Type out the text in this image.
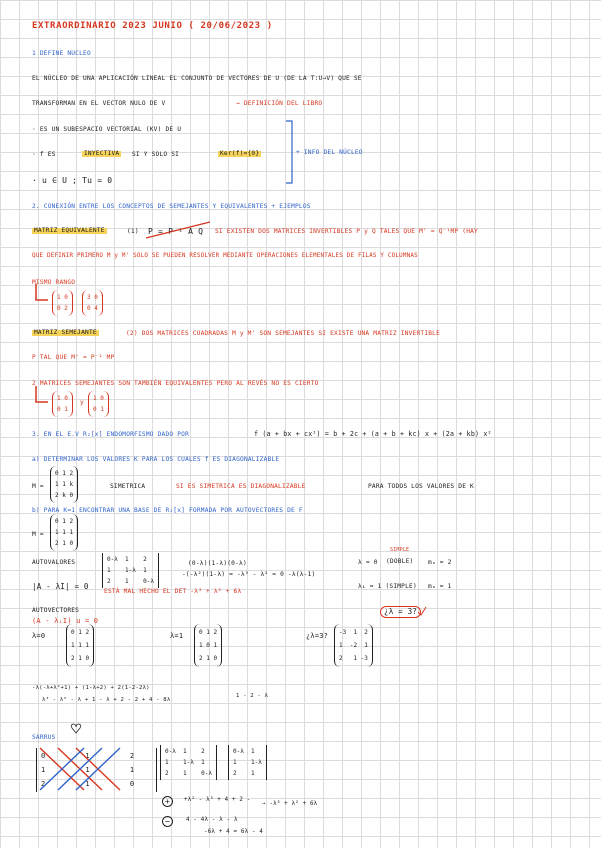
EXTRAORDINARIO 2023 JUNIO ( 20/06/2023 )
1 DEFINE NUCLEO
EL NÚCLEO DE UNA APLICACIÓN LINEAL EL CONJUNTO DE VECTORES DE U (DE LA T:U→V) QUE SE
TRANSFORMAN EN EL VECTOR NULO DE V	→ DEFINICIÓN DEL LIBRO
· ES UN SUBESPACIO VECTORIAL (KV) DE U
· f ES	INYECTIVA	SI Y SOLO SI	Ker(f)={0}
· u ∈ U ; Tu = 0
+ INFO DEL NÚCLEO
2. CONEXIÓN ENTRE LOS CONCEPTOS DE SEMEJANTES Y EQUIVALENTES + EJEMPLOS
MATRIZ EQUIVALENTE	(1) P = P⁻¹ A Q SI EXISTEN DOS MATRICES INVERTIBLES P y Q TALES QUE M' = Q⁻¹MP (HAY
QUE DEFINIR PRIMERO M y M' SOLO SE PUEDEN RESOLVER MEDIANTE OPERACIONES ELEMENTALES DE FILAS Y COLUMNAS
MISMO RANGO
1 0
0 2
3 0
0 4
MATRIZ SEMEJANTE	(2) DOS MATRICES CUADRADAS M y M' SON SEMEJANTES SI EXISTE UNA MATRIZ INVERTIBLE
P TAL QUE M' = P⁻¹ MP
2 MATRICES SEMEJANTES SON TAMBIÉN EQUIVALENTES PERO AL REVÉS NO ES CIERTO
1 0
0 1
y
1 0
0 1
3. EN EL E.V R₂[x] ENDOMORFISMO DADO POR	f (a + bx + cx²) = b + 2c + (a + b + kc) x + (2a + kb) x²
a) DETERMINAR LOS VALORES K PARA LOS CUALES f ES DIAGONALIZABLE
M =
0 1 2
1 1 k
2 k 0
SIMETRICA	SI ES SIMETRICA ES DIAGONALIZABLE	PARA TODOS LOS VALORES DE K
b) PARA K=1 ENCONTRAR UNA BASE DE R₂[x] FORMADA POR AUTOVECTORES DE F
M =
0 1 2
1 1 1
2 1 0
AUTOVALORES
|A - λI| = 0
0-λ  1    2
1    1-λ  1
2    1    0-λ
(0-λ)(1-λ)(0-λ)
-(-λ²)(1-λ) = -λ³ - λ² = 0 -λ(λ-1)
ESTÁ MAL HECHO EL DET -λ³ + λ² + 6λ
λ = 0
SIMPLE
(DOBLE) mₐ = 2
λ₁ = 1 (SIMPLE) mₐ = 1
AUTOVECTORES
(A - λᵢI) u = 0
¿λ = 3?
λ=0	0 1 2
1 1 1
2 1 0
λ=1	0 1 2
1 0 1
2 1 0
¿λ=3?	-3  1  2
1  -2  1
2   1 -3
-λ(-λ+λ²+1) + (1-λ+2) + 2(1-2-2λ)
λ³ - λ² - λ + 1 - λ + 2 - 2 + 4 - 8λ
1 - 2 - λ
SARRUS
0 1 2
1 1 1
2 1 0
0-λ  1    2
1    1-λ  1
2    1    0-λ
0-λ  1
1    1-λ
2    1
+	+λ² - λ³ + 4 + 2 -
→ -λ³ + λ² + 6λ
−	4 - 4λ - λ - λ
-6λ + 4 = 6λ - 4
